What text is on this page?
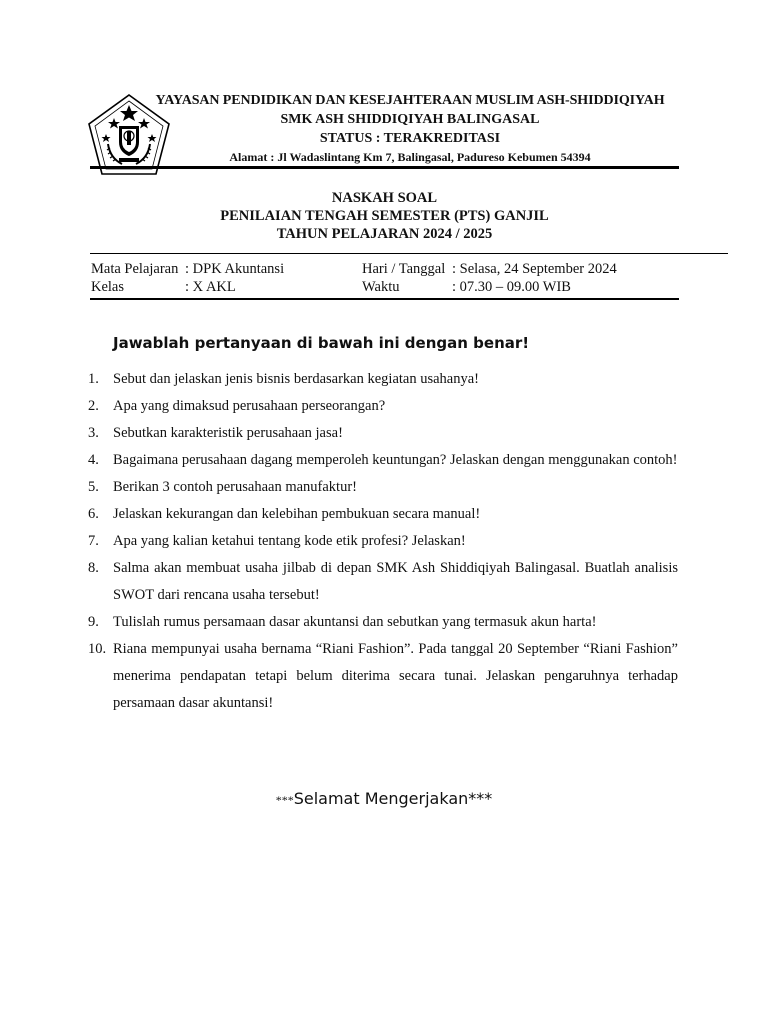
YAYASAN PENDIDIKAN DAN KESEJAHTERAAN MUSLIM ASH-SHIDDIQIYAH
SMK ASH SHIDDIQIYAH BALINGASAL
STATUS : TERAKREDITASI
Alamat : Jl Wadaslintang Km 7, Balingasal, Padureso Kebumen 54394
NASKAH SOAL
PENILAIAN TENGAH SEMESTER (PTS) GANJIL
TAHUN PELAJARAN 2024 / 2025
Mata Pelajaran : DPK Akuntansi
Kelas	: X AKL
Hari / Tanggal : Selasa, 24 September 2024
Waktu	: 07.30 – 09.00 WIB
Jawablah pertanyaan di bawah ini dengan benar!
1. Sebut dan jelaskan jenis bisnis berdasarkan kegiatan usahanya!
2. Apa yang dimaksud perusahaan perseorangan?
3. Sebutkan karakteristik perusahaan jasa!
4. Bagaimana perusahaan dagang memperoleh keuntungan? Jelaskan dengan menggunakan contoh!
5. Berikan 3 contoh perusahaan manufaktur!
6. Jelaskan kekurangan dan kelebihan pembukuan secara manual!
7. Apa yang kalian ketahui tentang kode etik profesi? Jelaskan!
8. Salma akan membuat usaha jilbab di depan SMK Ash Shiddiqiyah Balingasal. Buatlah analisis SWOT dari rencana usaha tersebut!
9. Tulislah rumus persamaan dasar akuntansi dan sebutkan yang termasuk akun harta!
10. Riana mempunyai usaha bernama “Riani Fashion”. Pada tanggal 20 September “Riani Fashion” menerima pendapatan tetapi belum diterima secara tunai. Jelaskan pengaruhnya terhadap persamaan dasar akuntansi!
***Selamat Mengerjakan***
